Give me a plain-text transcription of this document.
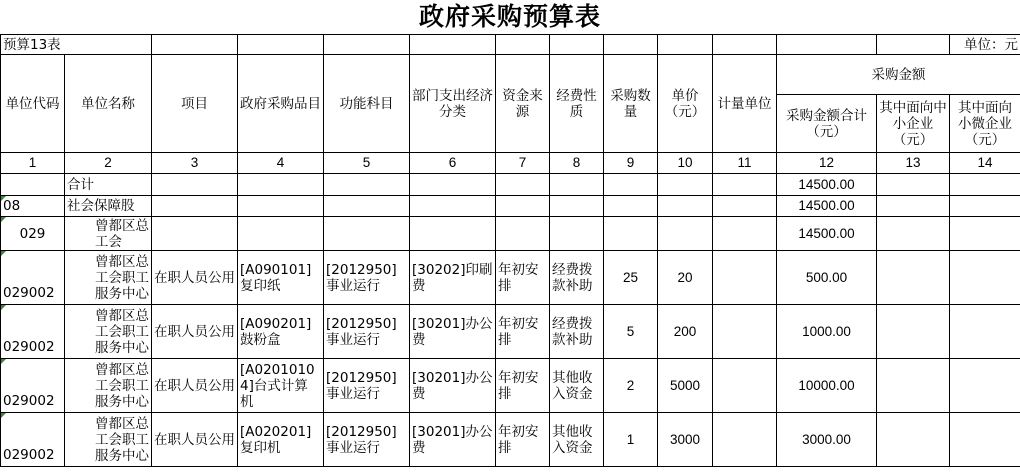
政府采购预算表
预算13表													单位：元
单位代码	单位名称	项目	政府采购品目	功能科目	部门支出经济分类	资金来源	经费性质	采购数量	单价（元）	计量单位	采购金额		
											采购金额合计（元）	其中面向中小企业（元）	其中面向小微企业（元）
1	2	3	4	5	6	7	8	9	10	11	12	13	14
	合计										14500.00		

08	社会保障股										14500.00		

029	曾都区总工会										14500.00		

029002	曾都区总工会职工服务中心	在职人员公用	[A090101]复印纸	[2012950]事业运行	[30202]印刷费	年初安排	经费拨款补助	25	20		500.00		

029002	曾都区总工会职工服务中心	在职人员公用	[A090201]鼓粉盒	[2012950]事业运行	[30201]办公费	年初安排	经费拨款补助	5	200		1000.00		

029002	曾都区总工会职工服务中心	在职人员公用	[A02010104]台式计算机	[2012950]事业运行	[30201]办公费	年初安排	其他收入资金	2	5000		10000.00		

029002	曾都区总工会职工服务中心	在职人员公用	[A020201]复印机	[2012950]事业运行	[30201]办公费	年初安排	其他收入资金	1	3000		3000.00		
